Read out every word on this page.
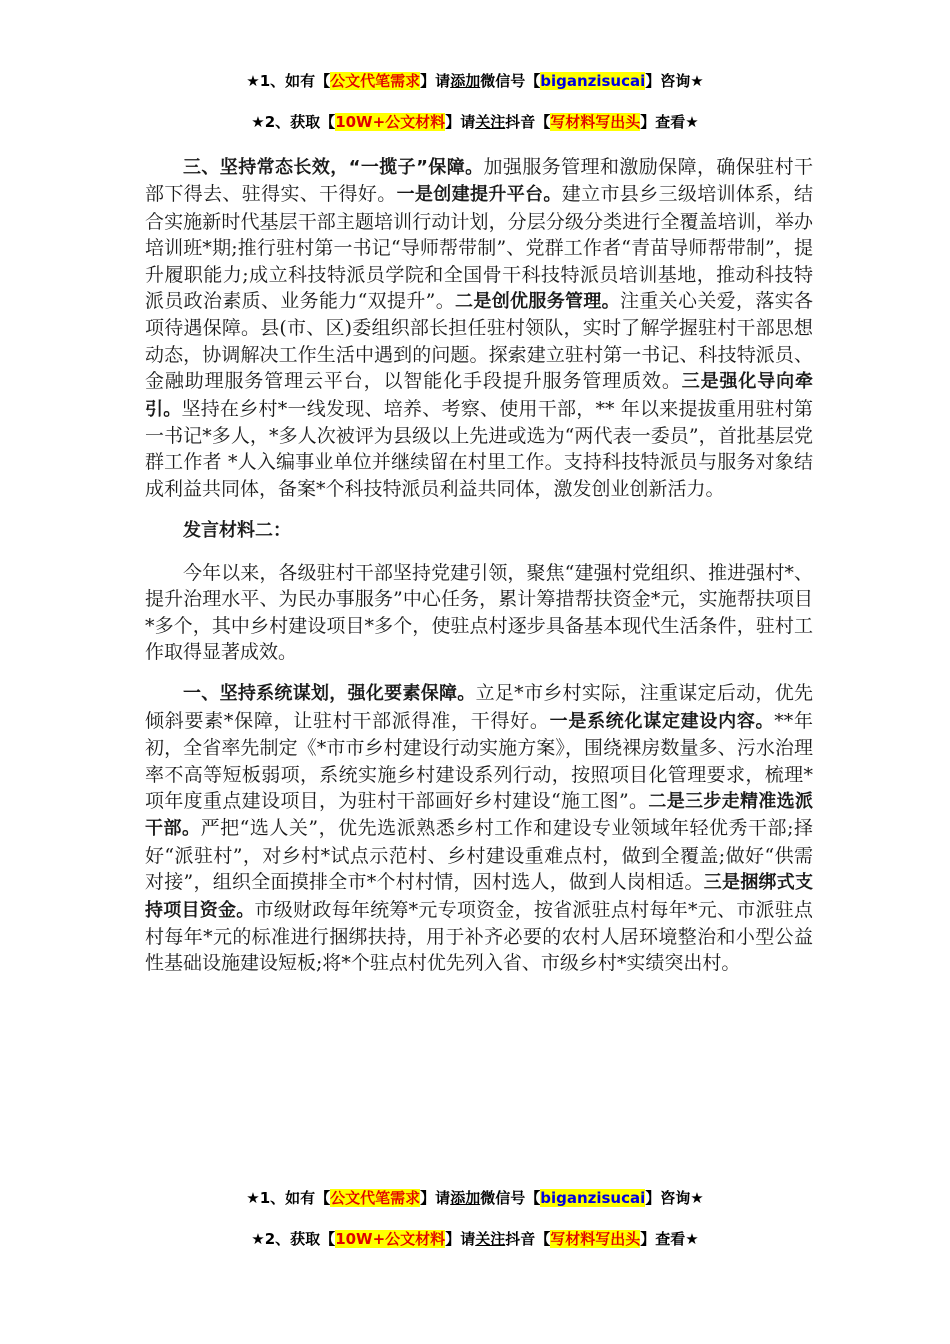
★1、如有【公文代笔需求】请添加微信号【biganzisucai】咨询★
★2、获取【10W+公文材料】请关注抖音【写材料写出头】查看★

三、坚持常态长效，“一揽子”保障。加强服务管理和激励保障，确保驻村干部下得去、驻得实、干得好。一是创建提升平台。建立市县乡三级培训体系，结合实施新时代基层干部主题培训行动计划，分层分级分类进行全覆盖培训，举办培训班*期;推行驻村第一书记“导师帮带制”、党群工作者“青苗导师帮带制”，提升履职能力;成立科技特派员学院和全国骨干科技特派员培训基地，推动科技特派员政治素质、业务能力“双提升”。二是创优服务管理。注重关心关爱，落实各项待遇保障。县(市、区)委组织部长担任驻村领队，实时了解学握驻村干部思想动态，协调解决工作生活中遇到的问题。探索建立驻村第一书记、科技特派员、金融助理服务管理云平台，以智能化手段提升服务管理质效。三是强化导向牵引。坚持在乡村*一线发现、培养、考察、使用干部，** 年以来提拔重用驻村第一书记*多人，*多人次被评为县级以上先进或选为“两代表一委员”，首批基层党群工作者 *人入编事业单位并继续留在村里工作。支持科技特派员与服务对象结成利益共同体，备案*个科技特派员利益共同体，激发创业创新活力。

发言材料二：

今年以来，各级驻村干部坚持党建引领，聚焦“建强村党组织、推进强村*、提升治理水平、为民办事服务”中心任务，累计筹措帮扶资金*元，实施帮扶项目*多个，其中乡村建设项目*多个，使驻点村逐步具备基本现代生活条件，驻村工作取得显著成效。

一、坚持系统谋划，强化要素保障。立足*市乡村实际，注重谋定后动，优先倾斜要素*保障，让驻村干部派得准，干得好。一是系统化谋定建设内容。**年初，全省率先制定《*市市乡村建设行动实施方案》，围绕裸房数量多、污水治理率不高等短板弱项，系统实施乡村建设系列行动，按照项目化管理要求，梳理*项年度重点建设项目，为驻村干部画好乡村建设“施工图”。二是三步走精准选派干部。严把“选人关”，优先选派熟悉乡村工作和建设专业领域年轻优秀干部;择好“派驻村”，对乡村*试点示范村、乡村建设重难点村，做到全覆盖;做好“供需对接”，组织全面摸排全市*个村村情，因村选人，做到人岗相适。三是捆绑式支持项目资金。市级财政每年统筹*元专项资金，按省派驻点村每年*元、市派驻点村每年*元的标准进行捆绑扶持，用于补齐必要的农村人居环境整治和小型公益性基础设施建设短板;将*个驻点村优先列入省、市级乡村*实绩突出村。

★1、如有【公文代笔需求】请添加微信号【biganzisucai】咨询★
★2、获取【10W+公文材料】请关注抖音【写材料写出头】查看★
